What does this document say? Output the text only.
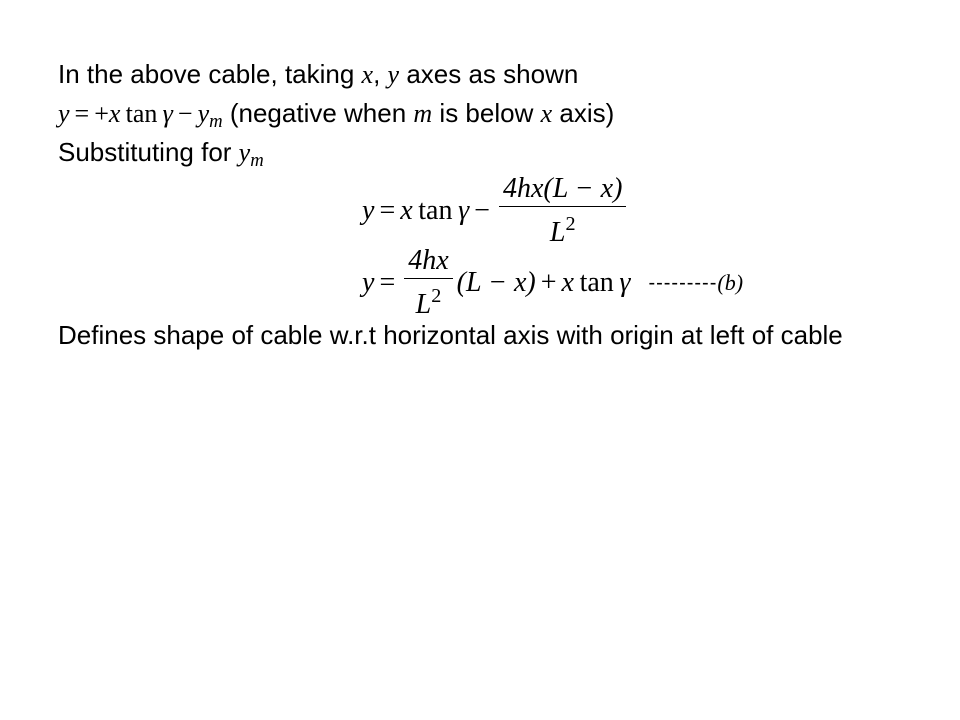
In the above cable, taking x, y axes as shown
y = +x  $\tan \gamma - y_m$ (negative when m is below x axis)
Substituting for $y_m$
y = x
  tan
  $\gamma - \frac{4hx(L - x)}{L^2}$
$y = \frac{4hx}{L^2} (L - x) + x$
  tan
  γ --------- (b)
Defines shape of cable w.r.t horizontal axis with origin at left of cable
